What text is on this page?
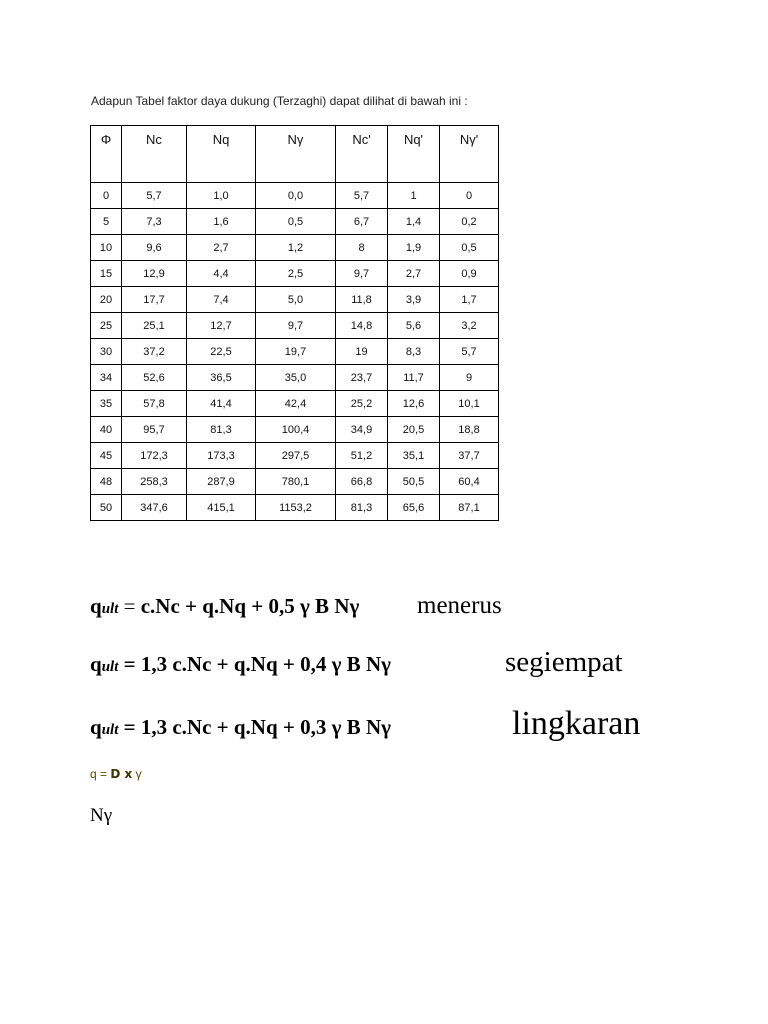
Adapun Tabel faktor daya dukung (Terzaghi) dapat dilihat di bawah ini :
Φ	Nc	Nq	Nγ	Nc'	Nq'	Nγ'
0	5,7	1,0	0,0	5,7	1	0
5	7,3	1,6	0,5	6,7	1,4	0,2
10	9,6	2,7	1,2	8	1,9	0,5
15	12,9	4,4	2,5	9,7	2,7	0,9
20	17,7	7,4	5,0	11,8	3,9	1,7
25	25,1	12,7	9,7	14,8	5,6	3,2
30	37,2	22,5	19,7	19	8,3	5,7
34	52,6	36,5	35,0	23,7	11,7	9
35	57,8	41,4	42,4	25,2	12,6	10,1
40	95,7	81,3	100,4	34,9	20,5	18,8
45	172,3	173,3	297,5	51,2	35,1	37,7
48	258,3	287,9	780,1	66,8	50,5	60,4
50	347,6	415,1	1153,2	81,3	65,6	87,1
qult = c.Nc + q.Nq + 0,5 γ B Nγ menerus
qult = 1,3 c.Nc + q.Nq + 0,4 γ B Nγ	segiempat
qult = 1,3 c.Nc + q.Nq + 0,3 γ B Nγ	lingkaran
q = D x γ
Nγ
